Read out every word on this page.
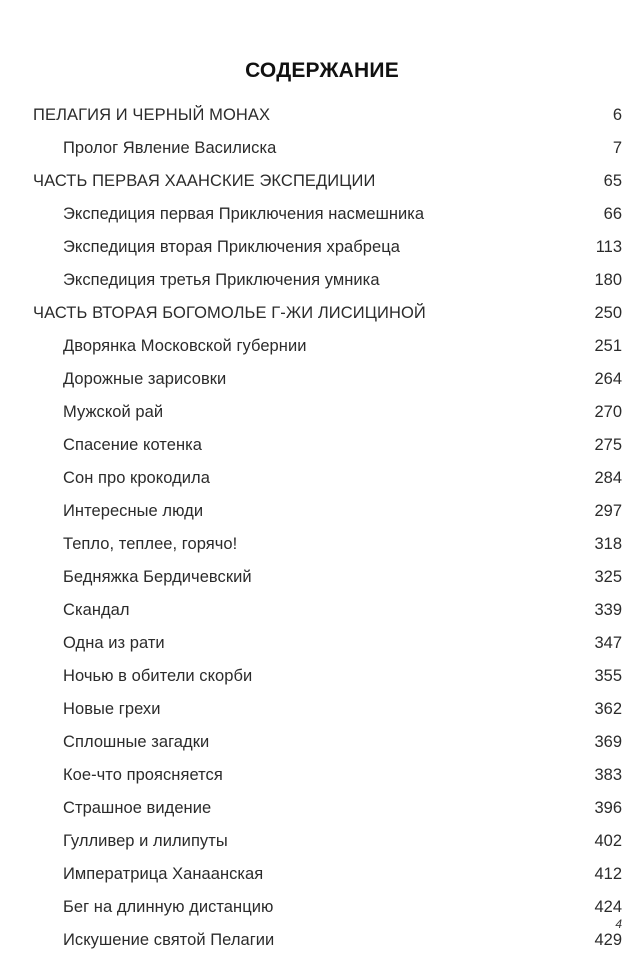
СОДЕРЖАНИЕ
ПЕЛАГИЯ И ЧЕРНЫЙ МОНАХ	6
Пролог Явление Василиска	7
ЧАСТЬ ПЕРВАЯ ХААНСКИЕ ЭКСПЕДИЦИИ	65
Экспедиция первая Приключения насмешника	66
Экспедиция вторая Приключения храбреца	113
Экспедиция третья Приключения умника	180
ЧАСТЬ ВТОРАЯ БОГОМОЛЬЕ Г-ЖИ ЛИСИЦИНОЙ	250
Дворянка Московской губернии	251
Дорожные зарисовки	264
Мужской рай	270
Спасение котенка	275
Сон про крокодила	284
Интересные люди	297
Тепло, теплее, горячо!	318
Бедняжка Бердичевский	325
Скандал	339
Одна из рати	347
Ночью в обители скорби	355
Новые грехи	362
Сплошные загадки	369
Кое-что проясняется	383
Страшное видение	396
Гулливер и лилипуты	402
Императрица Ханаанская	412
Бег на длинную дистанцию	424
Искушение святой Пелагии	429
4
